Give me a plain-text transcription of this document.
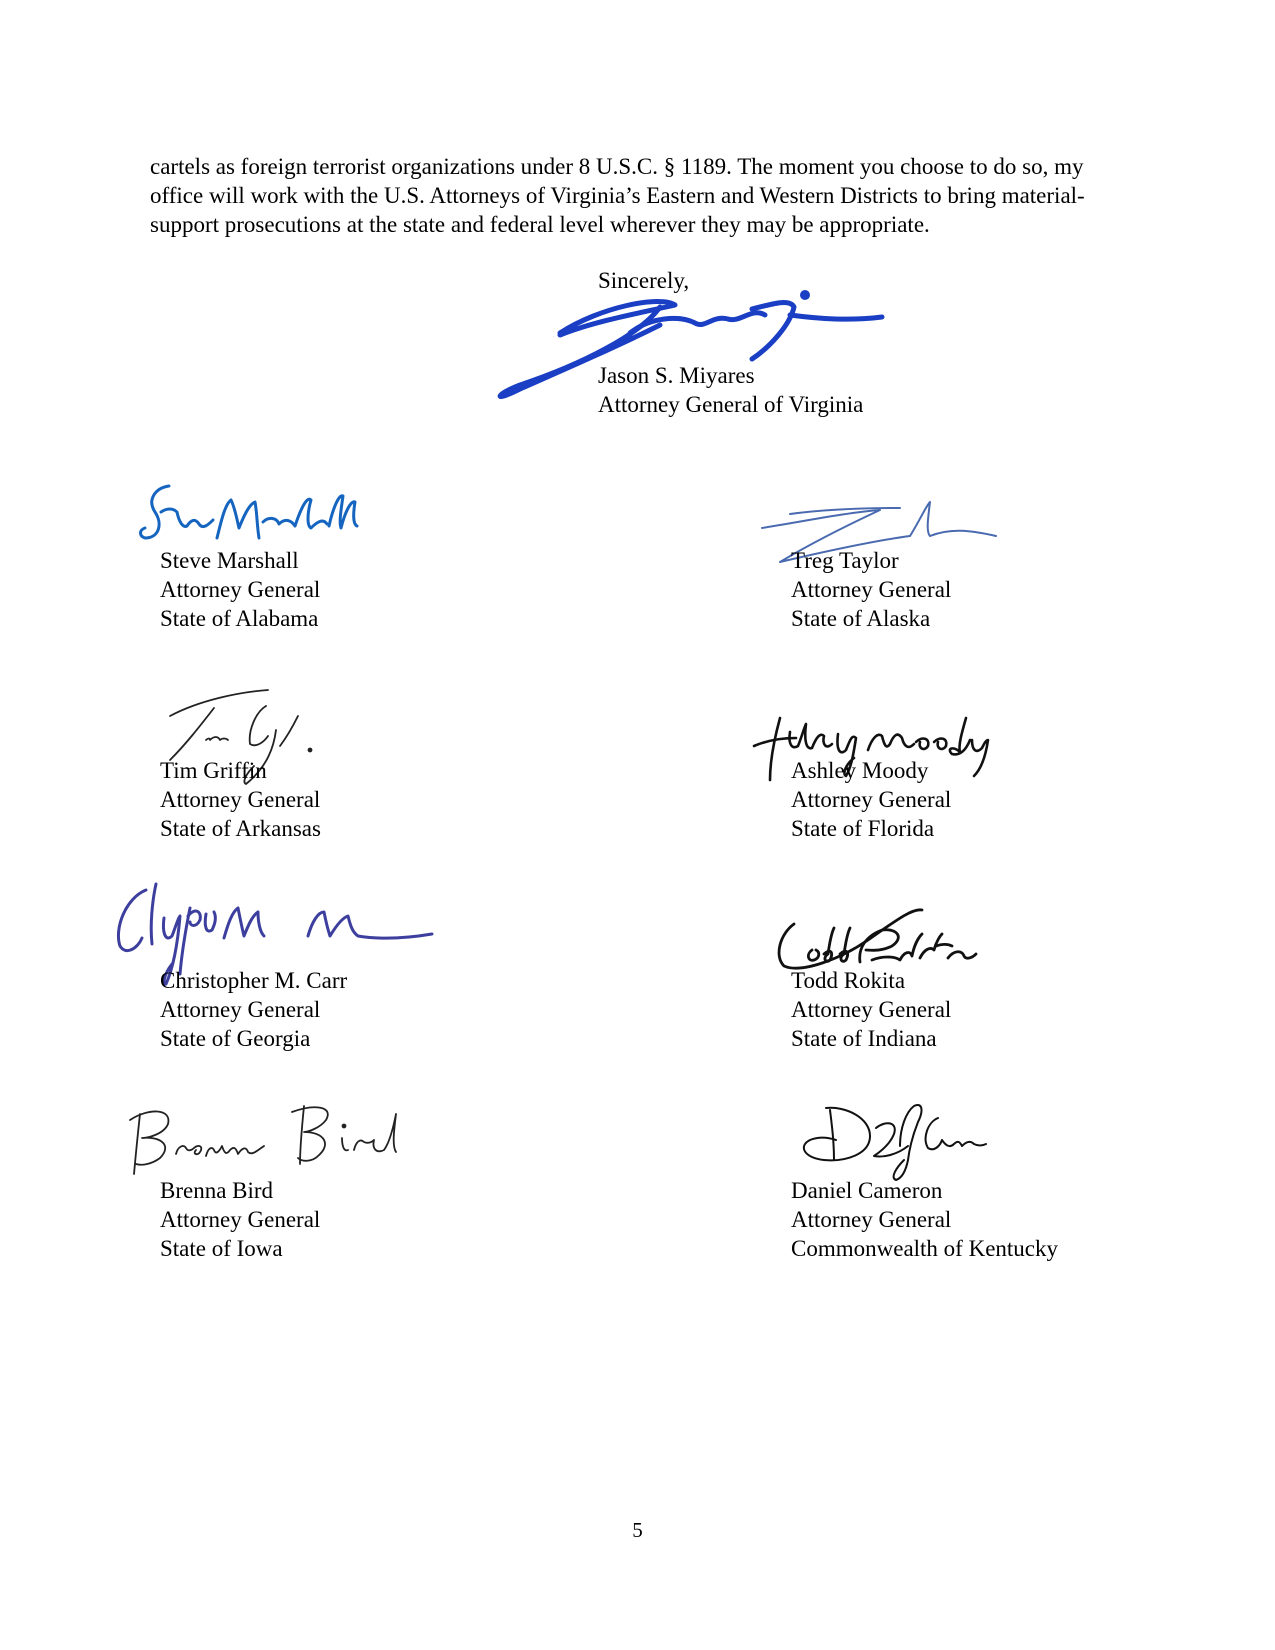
cartels as foreign terrorist organizations under 8 U.S.C. § 1189. The moment you choose to do so, my office will work with the U.S. Attorneys of Virginia’s Eastern and Western Districts to bring material-support prosecutions at the state and federal level wherever they may be appropriate.

Sincerely,

Jason S. Miyares
Attorney General of Virginia
Steve Marshall
Attorney General
State of Alabama
Treg Taylor
Attorney General
State of Alaska
Tim Griffin
Attorney General
State of Arkansas
Ashley Moody
Attorney General
State of Florida
Christopher M. Carr
Attorney General
State of Georgia
Todd Rokita
Attorney General
State of Indiana
Brenna Bird
Attorney General
State of Iowa
Daniel Cameron
Attorney General
Commonwealth of Kentucky
5
